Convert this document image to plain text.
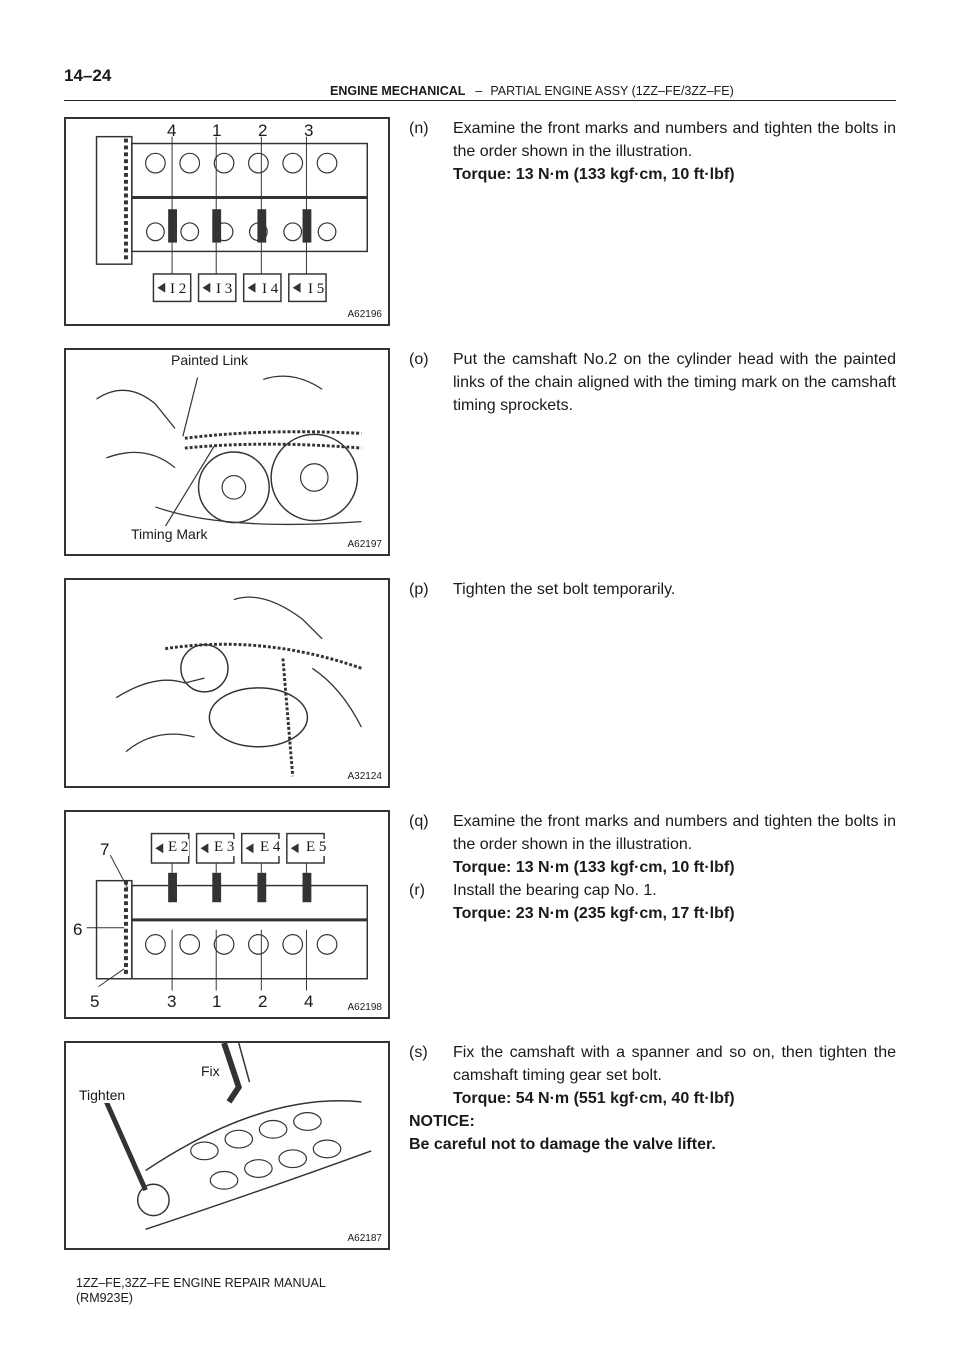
14–24
ENGINE MECHANICAL – PARTIAL ENGINE ASSY (1ZZ–FE/3ZZ–FE)
4 1 2 3
I 2 I 3 I 4 I 5
A62196
Painted Link
Timing Mark
A62197
A32124
7
6
5	3 1 2 4
E 2 E 3 E 4 E 5
A62198
Fix
Tighten
A62187
(n)	Examine the front marks and numbers and tighten the bolts in the order shown in the illustration.
Torque: 13 N·m (133 kgf·cm, 10 ft·lbf)
(o)	Put the camshaft No.2 on the cylinder head with the painted links of the chain aligned with the timing mark on the camshaft timing sprockets.
(p)	Tighten the set bolt temporarily.
(q)	Examine the front marks and numbers and tighten the bolts in the order shown in the illustration.
Torque: 13 N·m (133 kgf·cm, 10 ft·lbf)
(r)	Install the bearing cap No. 1.
Torque: 23 N·m (235 kgf·cm, 17 ft·lbf)
(s)	Fix the camshaft with a spanner and so on, then tighten the camshaft timing gear set bolt.
Torque: 54 N·m (551 kgf·cm, 40 ft·lbf)
NOTICE:
Be careful not to damage the valve lifter.
1ZZ–FE,3ZZ–FE ENGINE REPAIR MANUAL
(RM923E)
